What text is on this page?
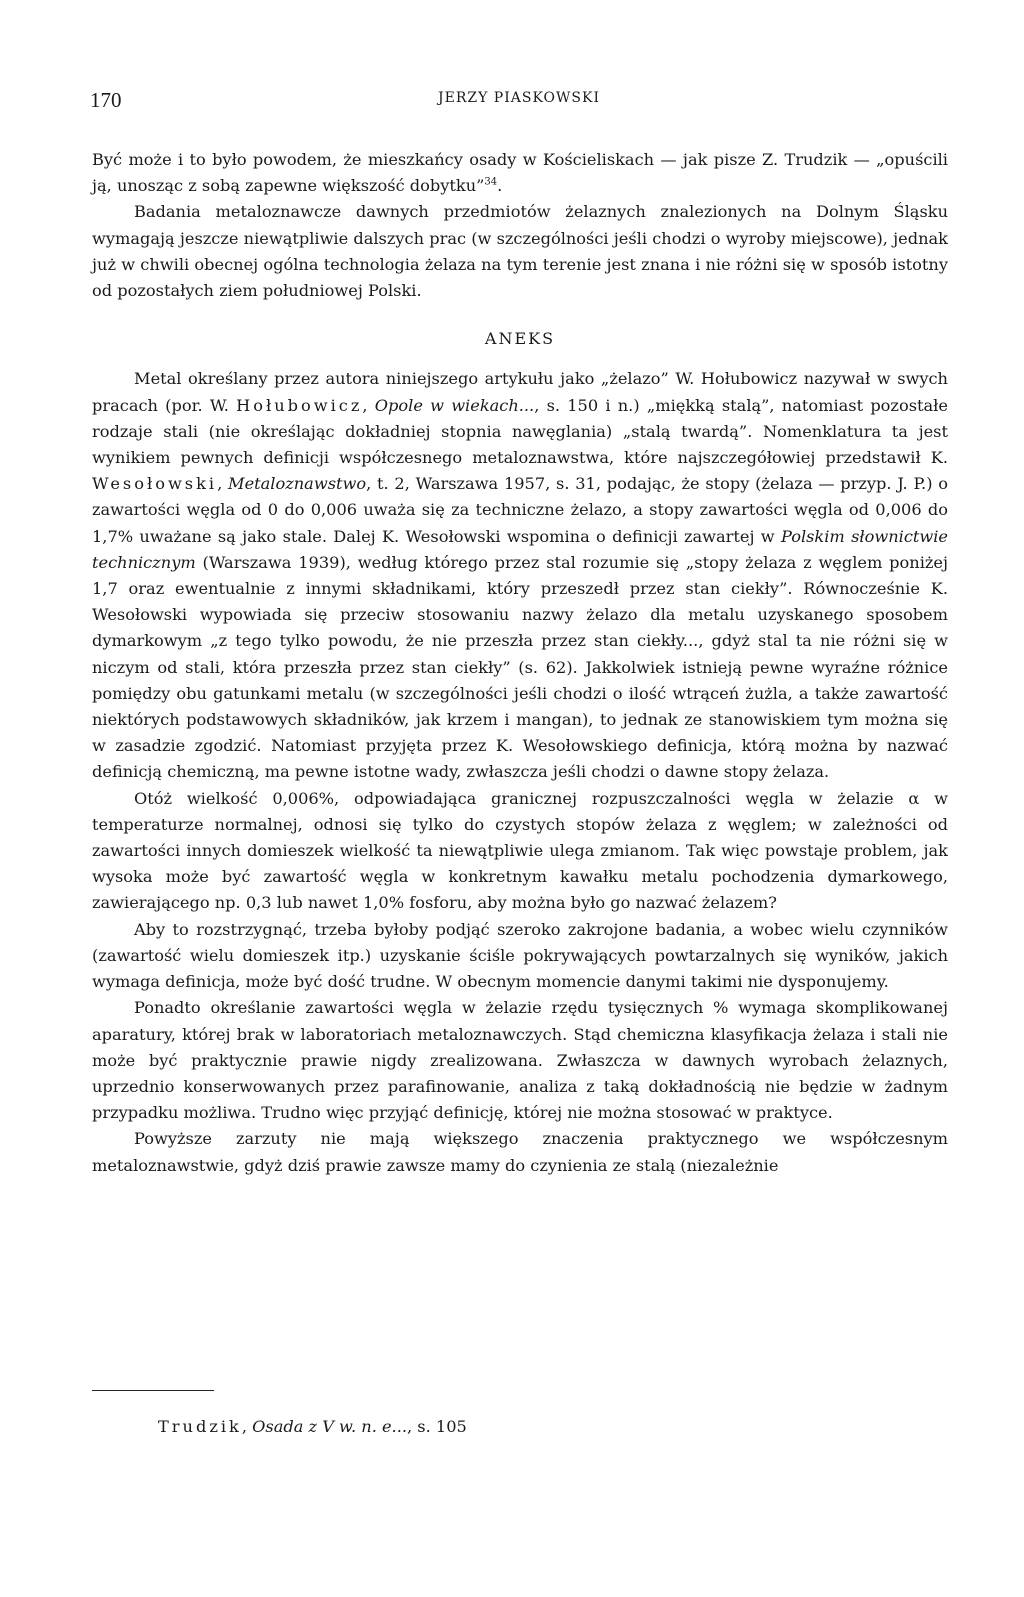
170	JERZY PIASKOWSKI

Być może i to było powodem, że mieszkańcy osady w Kościeliskach — jak pisze Z. Trudzik — „opuścili ją, unosząc z sobą zapewne większość dobytku”$^{34}$.

Badania metaloznawcze dawnych przedmiotów żelaznych znalezionych na Dolnym Śląsku wymagają jeszcze niewątpliwie dalszych prac (w szczególności jeśli chodzi o wyroby miejscowe), jednak już w chwili obecnej ogólna technologia żelaza na tym terenie jest znana i nie różni się w sposób istotny od pozostałych ziem południowej Polski.

ANEKS

Metal określany przez autora niniejszego artykułu jako „żelazo” W. Hołubowicz nazywał w swych pracach (por. W. Hołubowicz, Opole w wiekach..., s. 150 i n.) „miękką stalą”, natomiast pozostałe rodzaje stali (nie określając dokładniej stopnia nawęglania) „stalą twardą”. Nomenklatura ta jest wynikiem pewnych definicji współczesnego metaloznawstwa, które najszczegółowiej przedstawił K. Wesołowski, Metaloznawstwo, t. 2, Warszawa 1957, s. 31, podając, że stopy (żelaza — przyp. J. P.) o zawartości węgla od 0 do 0,006 uważa się za techniczne żelazo, a stopy zawartości węgla od 0,006 do 1,7% uważane są jako stale. Dalej K. Wesołowski wspomina o definicji zawartej w Polskim słownictwie technicznym (Warszawa 1939), według którego przez stal rozumie się „stopy żelaza z węglem poniżej 1,7 oraz ewentualnie z innymi składnikami, który przeszedł przez stan ciekły”. Równocześnie K. Wesołowski wypowiada się przeciw stosowaniu nazwy żelazo dla metalu uzyskanego sposobem dymarkowym „z tego tylko powodu, że nie przeszła przez stan ciekły..., gdyż stal ta nie różni się w niczym od stali, która przeszła przez stan ciekły” (s. 62). Jakkolwiek istnieją pewne wyraźne różnice pomiędzy obu gatunkami metalu (w szczególności jeśli chodzi o ilość wtrąceń żużla, a także zawartość niektórych podstawowych składników, jak krzem i mangan), to jednak ze stanowiskiem tym można się w zasadzie zgodzić. Natomiast przyjęta przez K. Wesołowskiego definicja, którą można by nazwać definicją chemiczną, ma pewne istotne wady, zwłaszcza jeśli chodzi o dawne stopy żelaza.

Otóż wielkość 0,006%, odpowiadająca granicznej rozpuszczalności węgla w żelazie α w temperaturze normalnej, odnosi się tylko do czystych stopów żelaza z węglem; w zależności od zawartości innych domieszek wielkość ta niewątpliwie ulega zmianom. Tak więc powstaje problem, jak wysoka może być zawartość węgla w konkretnym kawałku metalu pochodzenia dymarkowego, zawierającego np. 0,3 lub nawet 1,0% fosforu, aby można było go nazwać żelazem?

Aby to rozstrzygnąć, trzeba byłoby podjąć szeroko zakrojone badania, a wobec wielu czynników (zawartość wielu domieszek itp.) uzyskanie ściśle pokrywających powtarzalnych się wyników, jakich wymaga definicja, może być dość trudne. W obecnym momencie danymi takimi nie dysponujemy.

Ponadto określanie zawartości węgla w żelazie rzędu tysięcznych % wymaga skomplikowanej aparatury, której brak w laboratoriach metaloznawczych. Stąd chemiczna klasyfikacja żelaza i stali nie może być praktycznie prawie nigdy zrealizowana. Zwłaszcza w dawnych wyrobach żelaznych, uprzednio konserwowanych przez parafinowanie, analiza z taką dokładnością nie będzie w żadnym przypadku możliwa. Trudno więc przyjąć definicję, której nie można stosować w praktyce.

Powyższe zarzuty nie mają większego znaczenia praktycznego we współczesnym metaloznawstwie, gdyż dziś prawie zawsze mamy do czynienia ze stalą (niezależnie

Trudzik, Osada z V w. n. e..., s. 105
